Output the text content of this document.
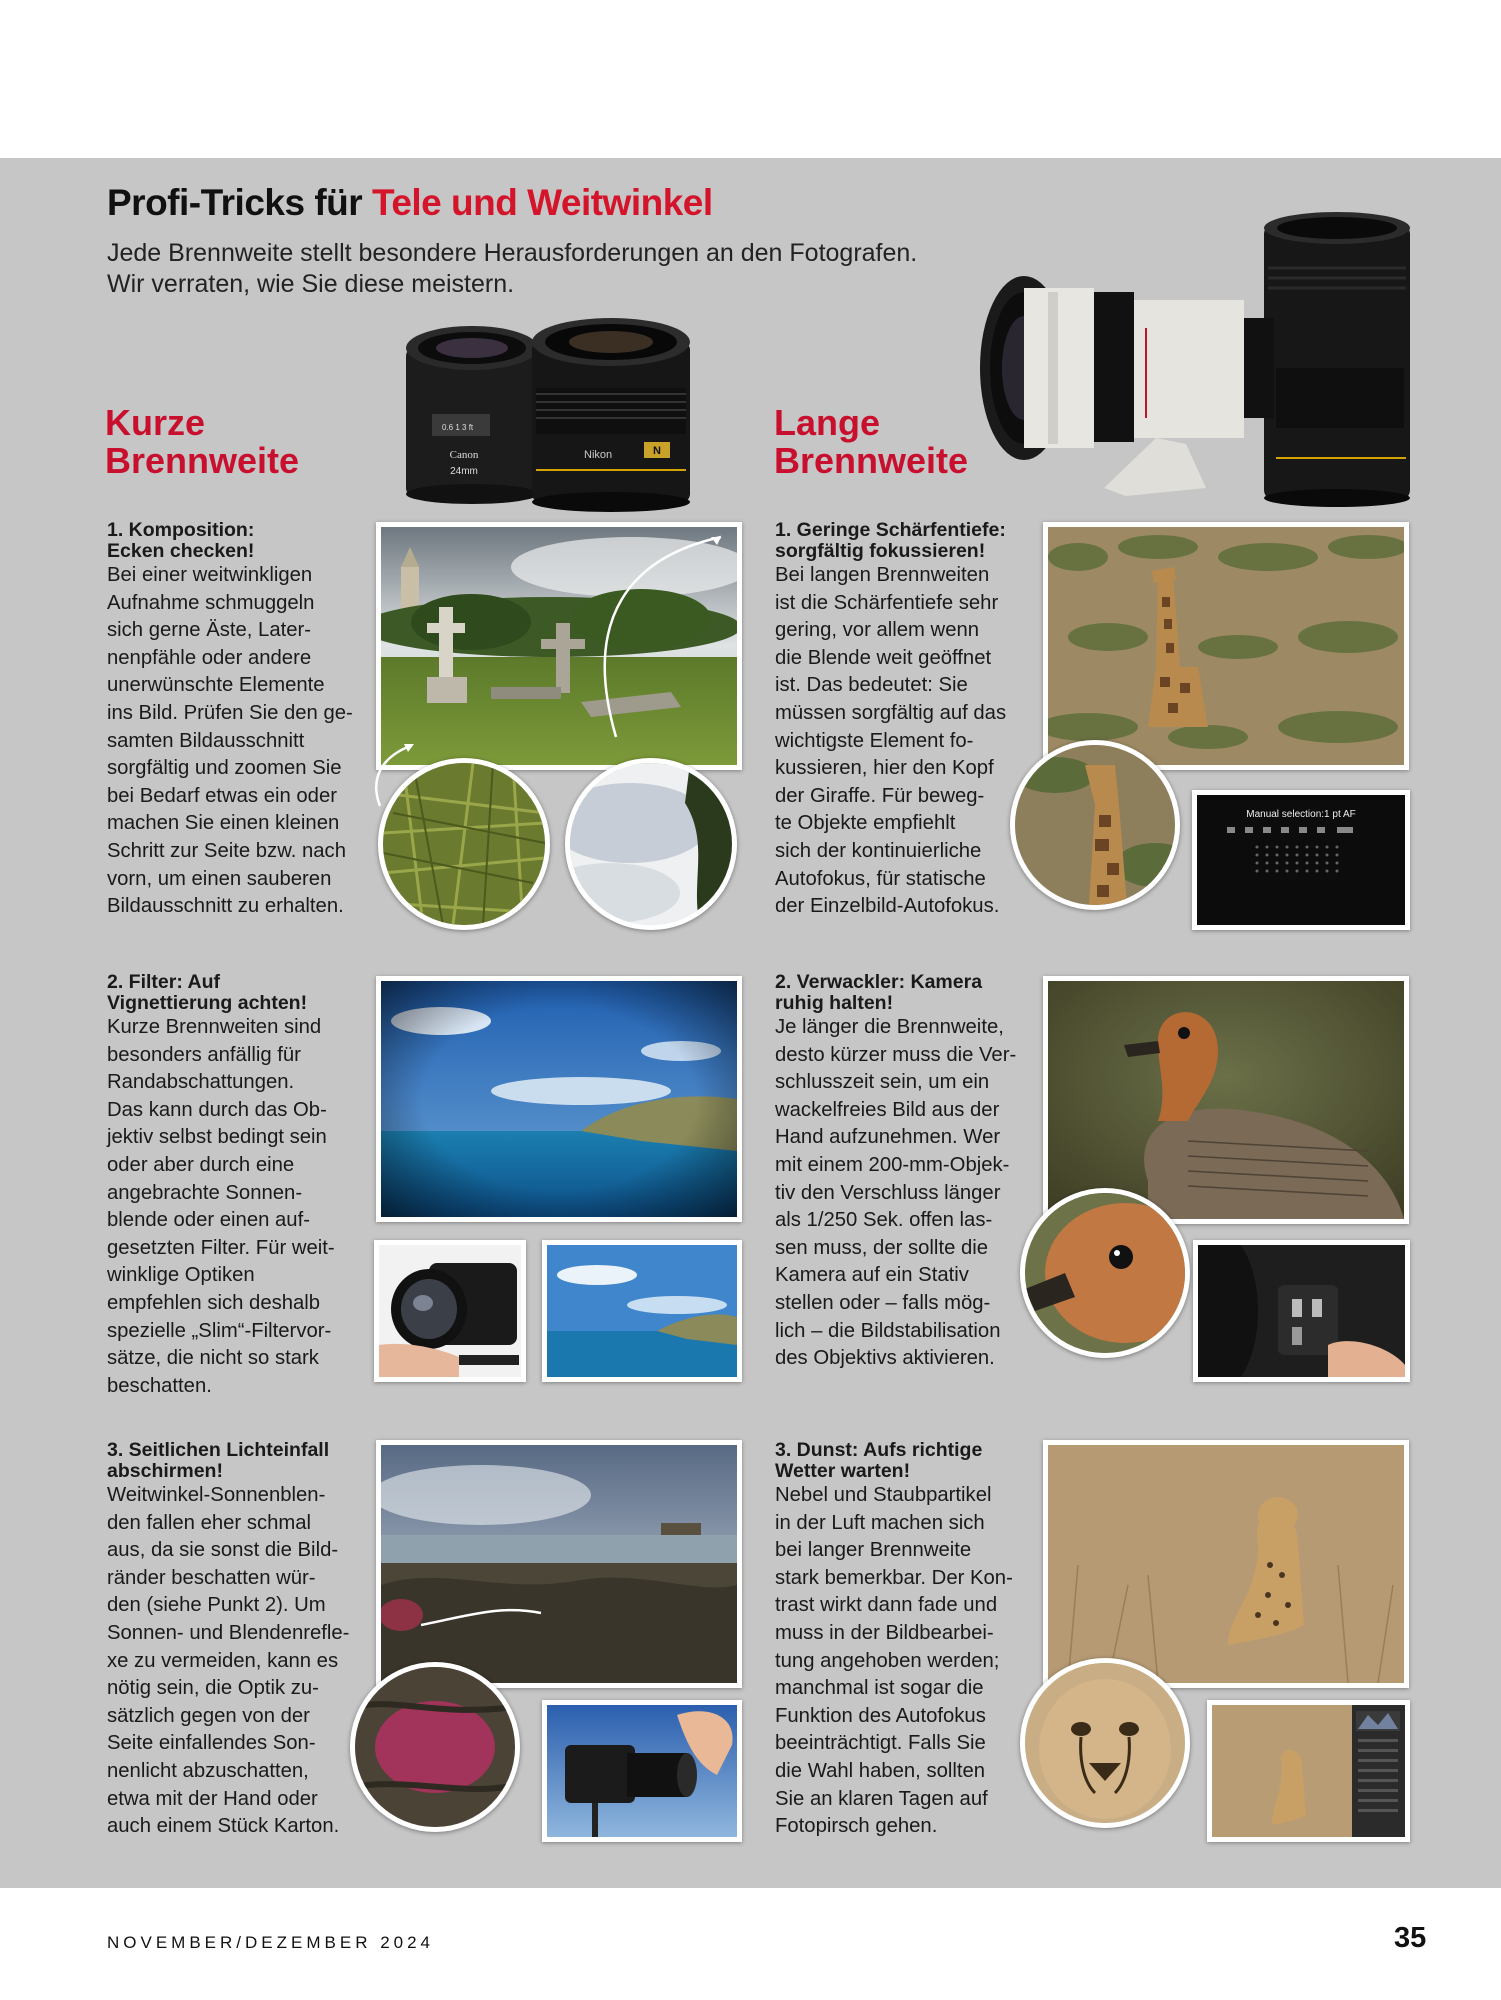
Profi-Tricks für Tele und Weitwinkel
Jede Brennweite stellt besondere Herausforderungen an den Fotografen.
Wir verraten, wie Sie diese meistern.
Kurze
Brennweite
Lange
Brennweite
0.6 1 3 ft
Canon
24mm
N
Nikon
1. Komposition:
Ecken checken!
Bei einer weitwinkligen
Aufnahme schmuggeln
sich gerne Äste, Later-
nenpfähle oder andere
unerwünschte Elemente
ins Bild. Prüfen Sie den ge-
samten Bildausschnitt
sorgfältig und zoomen Sie
bei Bedarf etwas ein oder
machen Sie einen kleinen
Schritt zur Seite bzw. nach
vorn, um einen sauberen
Bildausschnitt zu erhalten.
2. Filter: Auf
Vignettierung achten!
Kurze Brennweiten sind
besonders anfällig für
Randabschattungen.
Das kann durch das Ob-
jektiv selbst bedingt sein
oder aber durch eine
angebrachte Sonnen-
blende oder einen auf-
gesetzten Filter. Für weit-
winklige Optiken
empfehlen sich deshalb
spezielle „Slim“-Filtervor-
sätze, die nicht so stark
beschatten.
3. Seitlichen Lichteinfall
abschirmen!
Weitwinkel-Sonnenblen-
den fallen eher schmal
aus, da sie sonst die Bild-
ränder beschatten wür-
den (siehe Punkt 2). Um
Sonnen- und Blendenrefle-
xe zu vermeiden, kann es
nötig sein, die Optik zu-
sätzlich gegen von der
Seite einfallendes Son-
nenlicht abzuschatten,
etwa mit der Hand oder
auch einem Stück Karton.
1. Geringe Schärfentiefe:
sorgfältig fokussieren!
Bei langen Brennweiten
ist die Schärfentiefe sehr
gering, vor allem wenn
die Blende weit geöffnet
ist. Das bedeutet: Sie
müssen sorgfältig auf das
wichtigste Element fo-
kussieren, hier den Kopf
der Giraffe. Für beweg-
te Objekte empfiehlt
sich der kontinuierliche
Autofokus, für statische
der Einzelbild-Autofokus.
Manual selection:1 pt AF
2. Verwackler: Kamera
ruhig halten!
Je länger die Brennweite,
desto kürzer muss die Ver-
schlusszeit sein, um ein
wackelfreies Bild aus der
Hand aufzunehmen. Wer
mit einem 200-mm-Objek-
tiv den Verschluss länger
als 1/250 Sek. offen las-
sen muss, der sollte die
Kamera auf ein Stativ
stellen oder – falls mög-
lich – die Bildstabilisation
des Objektivs aktivieren.
3. Dunst: Aufs richtige
Wetter warten!
Nebel und Staubpartikel
in der Luft machen sich
bei langer Brennweite
stark bemerkbar. Der Kon-
trast wirkt dann fade und
muss in der Bildbearbei-
tung angehoben werden;
manchmal ist sogar die
Funktion des Autofokus
beeinträchtigt. Falls Sie
die Wahl haben, sollten
Sie an klaren Tagen auf
Fotopirsch gehen.
NOVEMBER/DEZEMBER 2024	35
